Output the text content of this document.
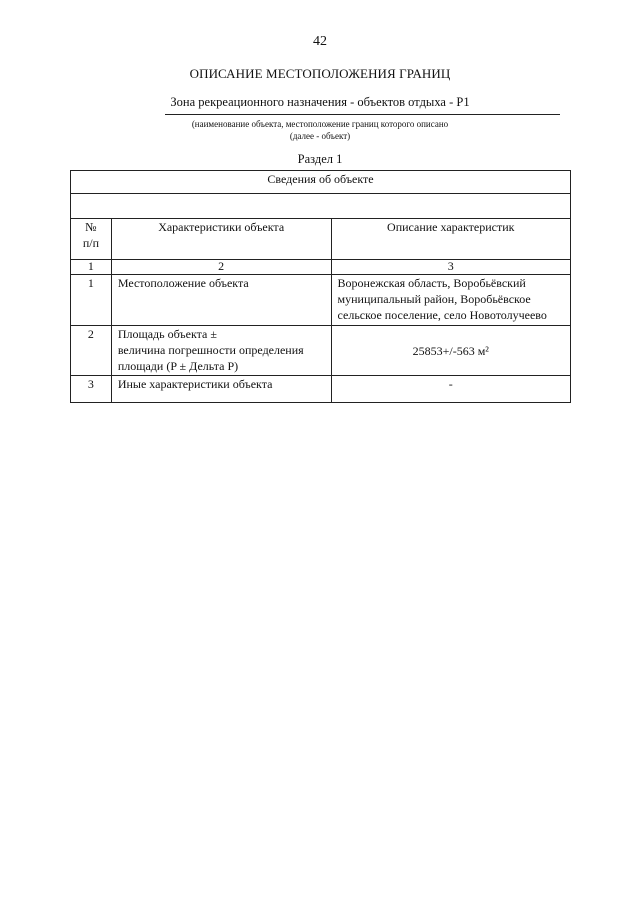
42
ОПИСАНИЕ МЕСТОПОЛОЖЕНИЯ ГРАНИЦ
Зона рекреационного назначения - объектов отдыха - Р1
(наименование объекта, местоположение границ которого описано
(далее - объект)
Раздел 1
Сведения об объекте		

№
п/п	Характеристики объекта	Описание характеристик
1	2	3
1	Местоположение объекта	Воронежская область, Воробьёвский
муниципальный район, Воробьёвское
сельское поселение, село Новотолучеево

2	Площадь объекта ±
величина погрешности определения
площади (P ± Дельта P)	25853+/-563 м²
3	Иные характеристики объекта	-
